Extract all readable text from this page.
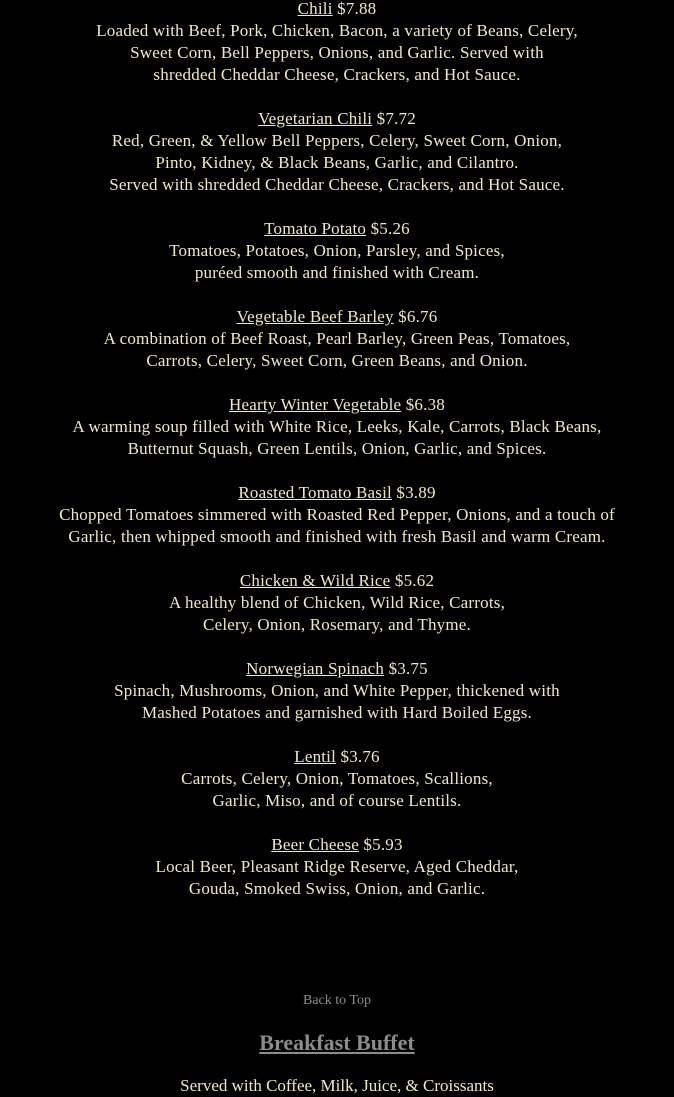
Chili $7.88
Loaded with Beef, Pork, Chicken, Bacon, a variety of Beans, Celery,
Sweet Corn, Bell Peppers, Onions, and Garlic. Served with
shredded Cheddar Cheese, Crackers, and Hot Sauce.
Vegetarian Chili $7.72
Red, Green, & Yellow Bell Peppers, Celery, Sweet Corn, Onion,
Pinto, Kidney, & Black Beans, Garlic, and Cilantro.
Served with shredded Cheddar Cheese, Crackers, and Hot Sauce.
Tomato Potato $5.26
Tomatoes, Potatoes, Onion, Parsley, and Spices,
puréed smooth and finished with Cream.
Vegetable Beef Barley $6.76
A combination of Beef Roast, Pearl Barley, Green Peas, Tomatoes,
Carrots, Celery, Sweet Corn, Green Beans, and Onion.
Hearty Winter Vegetable $6.38
A warming soup filled with White Rice, Leeks, Kale, Carrots, Black Beans,
Butternut Squash, Green Lentils, Onion, Garlic, and Spices.
Roasted Tomato Basil $3.89
Chopped Tomatoes simmered with Roasted Red Pepper, Onions, and a touch of
Garlic, then whipped smooth and finished with fresh Basil and warm Cream.
Chicken & Wild Rice $5.62
A healthy blend of Chicken, Wild Rice, Carrots,
Celery, Onion, Rosemary, and Thyme.
Norwegian Spinach $3.75
Spinach, Mushrooms, Onion, and White Pepper, thickened with
Mashed Potatoes and garnished with Hard Boiled Eggs.
Lentil $3.76
Carrots, Celery, Onion, Tomatoes, Scallions,
Garlic, Miso, and of course Lentils.
Beer Cheese $5.93
Local Beer, Pleasant Ridge Reserve, Aged Cheddar,
Gouda, Smoked Swiss, Onion, and Garlic.
Back to Top
Breakfast Buffet
Served with Coffee, Milk, Juice, & Croissants
